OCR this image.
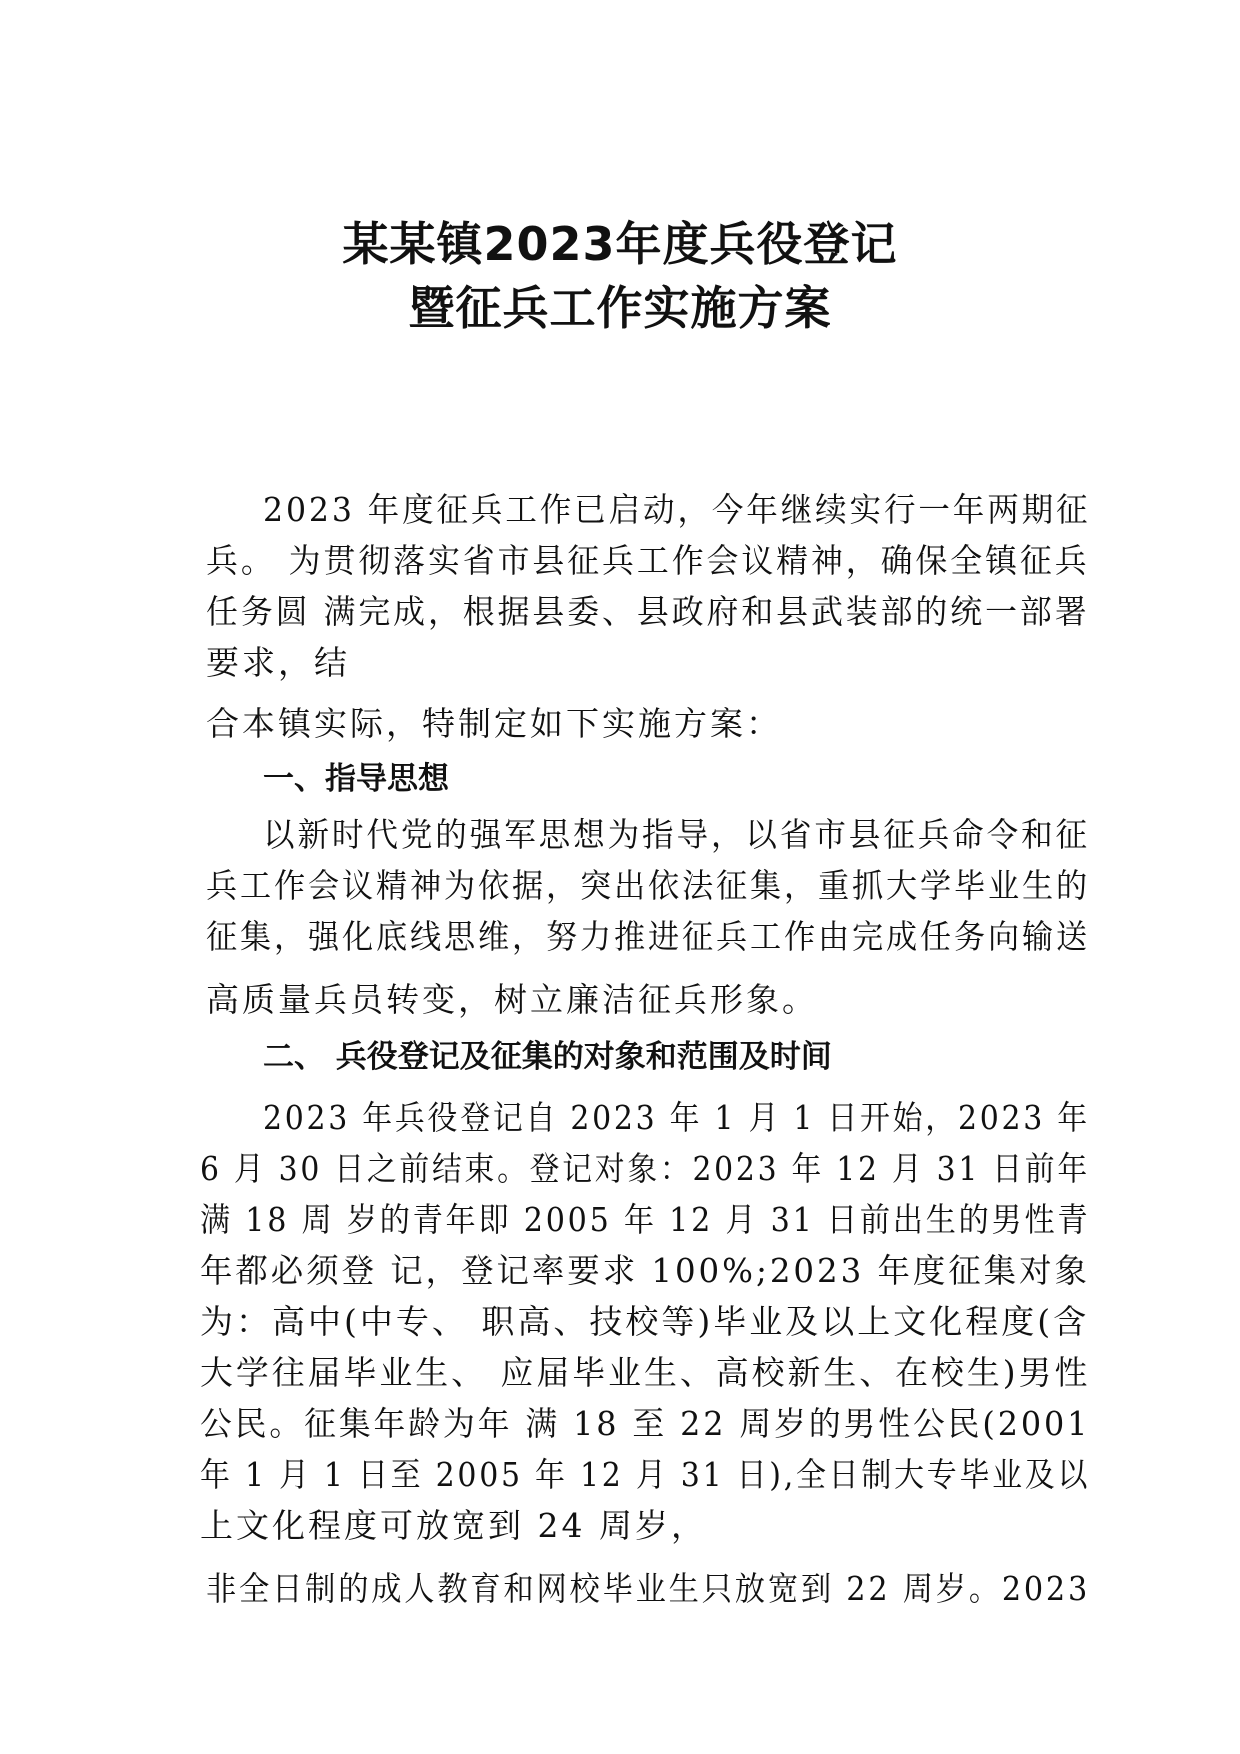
某某镇2023年度兵役登记
暨征兵工作实施方案
2023 年度征兵工作已启动，今年继续实行一年两期征
兵。 为贯彻落实省市县征兵工作会议精神，确保全镇征兵
任务圆 满完成，根据县委、县政府和县武装部的统一部署
要求，结
合本镇实际，特制定如下实施方案：
一、指导思想
以新时代党的强军思想为指导，以省市县征兵命令和征
兵工作会议精神为依据，突出依法征集，重抓大学毕业生的
征集，强化底线思维，努力推进征兵工作由完成任务向输送
高质量兵员转变，树立廉洁征兵形象。
二、 兵役登记及征集的对象和范围及时间
2023 年兵役登记自 2023 年 1 月 1 日开始，2023 年
6 月 30 日之前结束。登记对象：2023 年 12 月 31 日前年
满 18 周 岁的青年即 2005 年 12 月 31 日前出生的男性青
年都必须登 记，登记率要求 100%;2023 年度征集对象
为：高中(中专、 职高、技校等)毕业及以上文化程度(含
大学往届毕业生、 应届毕业生、高校新生、在校生)男性
公民。征集年龄为年 满 18 至 22 周岁的男性公民(2001
年 1 月 1 日至 2005 年 12 月 31 日),全日制大专毕业及以
上文化程度可放宽到 24 周岁，
非全日制的成人教育和网校毕业生只放宽到 22 周岁。2023
